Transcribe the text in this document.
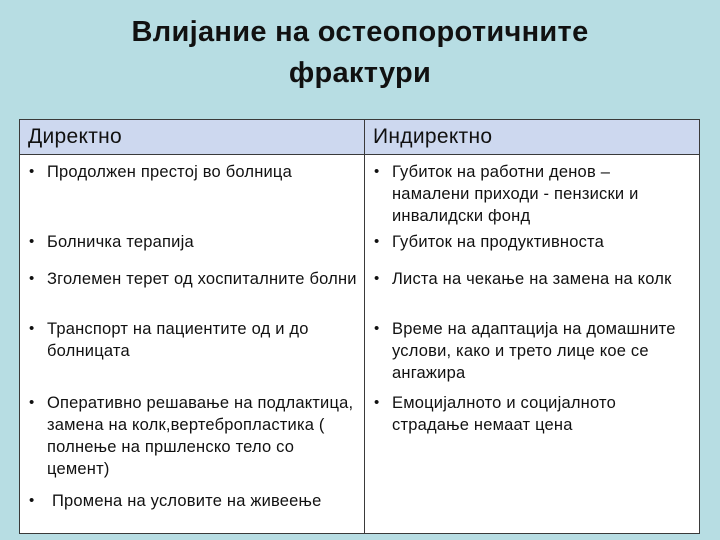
Влијание на остеопоротичните
фрактури
Директно	Индиректно

• Продолжен престој во болница	• Губиток на работни денов – намалени приходи - пензиски и инвалидски фонд

• Болничка терапија	• Губиток на продуктивноста

• Зголемен терет од хоспиталните болни	• Листа на чекање на замена на колк

• Транспорт на пациентите од и до болницата	• Време на адаптација на домашните услови, како и трето лице кое се ангажира

• Оперативно решавање на подлактица, замена на колк,вертебропластика ( полнење на пршленско тело со цемент)	• Емоцијалното и социјалното страдање немаат цена

• Промена на условите на живеење	
